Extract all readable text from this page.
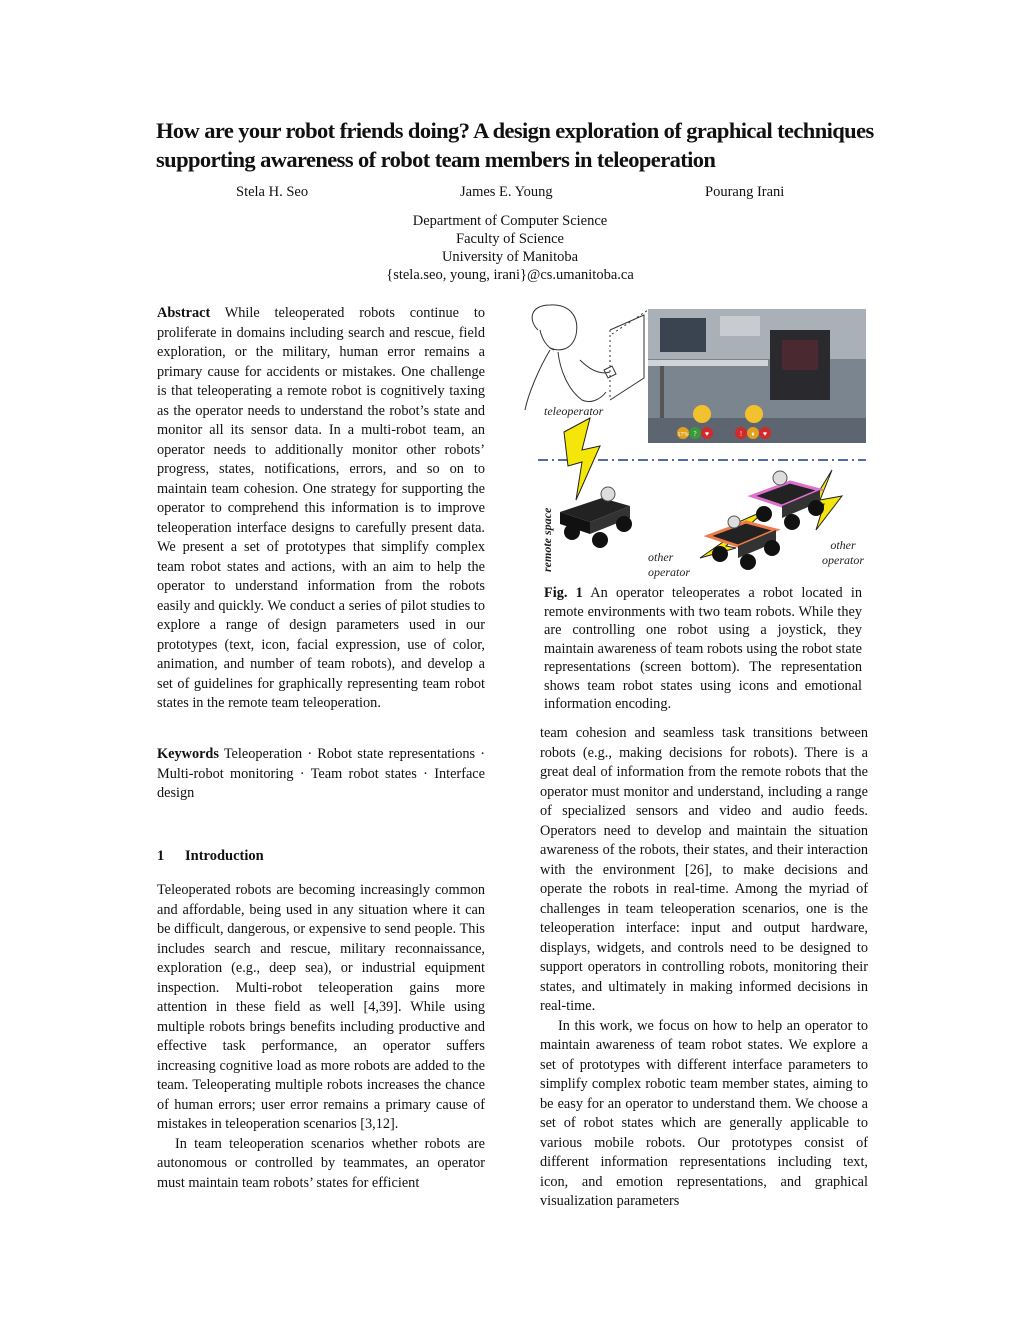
How are your robot friends doing? A design exploration of graphical techniques supporting awareness of robot team members in teleoperation
Stela H. Seo	James E. Young	Pourang Irani
Department of Computer Science
Faculty of Science
University of Manitoba
{stela.seo, young, irani}@cs.umanitoba.ca

Abstract While teleoperated robots continue to proliferate in domains including search and rescue, field exploration, or the military, human error remains a primary cause for accidents or mistakes. One challenge is that teleoperating a remote robot is cognitively taxing as the operator needs to understand the robot’s state and monitor all its sensor data. In a multi-robot team, an operator needs to additionally monitor other robots’ progress, states, notifications, errors, and so on to maintain team cohesion. One strategy for supporting the operator to comprehend this information is to improve teleoperation interface designs to carefully present data. We present a set of prototypes that simplify complex team robot states and actions, with an aim to help the operator to understand information from the robots easily and quickly. We conduct a series of pilot studies to explore a range of design parameters used in our prototypes (text, icon, facial expression, use of color, animation, and number of team robots), and develop a set of guidelines for graphically representing team robot states in the remote team teleoperation.

Keywords Teleoperation · Robot state representations · Multi-robot monitoring · Team robot states · Interface design

1 Introduction

Teleoperated robots are becoming increasingly common and affordable, being used in any situation where it can be difficult, dangerous, or expensive to send people. This includes search and rescue, military reconnaissance, exploration (e.g., deep sea), or industrial equipment inspection. Multi-robot teleoperation gains more attention in these field as well [4,39]. While using multiple robots brings benefits including productive and effective task performance, an operator suffers increasing cognitive load as more robots are added to the team. Teleoperating multiple robots increases the chance of human errors; user error remains a primary cause of mistakes in teleoperation scenarios [3,12].

In team teleoperation scenarios whether robots are autonomous or controlled by teammates, an operator must maintain team robots’ states for efficient

teleoperator
17% ? ♥	! ⏸ ♥
remote space	other operator
other operator
Fig. 1 An operator teleoperates a robot located in remote environments with two team robots. While they are controlling one robot using a joystick, they maintain awareness of team robots using the robot state representations (screen bottom). The representation shows team robot states using icons and emotional information encoding.

team cohesion and seamless task transitions between robots (e.g., making decisions for robots). There is a great deal of information from the remote robots that the operator must monitor and understand, including a range of specialized sensors and video and audio feeds. Operators need to develop and maintain the situation awareness of the robots, their states, and their interaction with the environment [26], to make decisions and operate the robots in real-time. Among the myriad of challenges in team teleoperation scenarios, one is the teleoperation interface: input and output hardware, displays, widgets, and controls need to be designed to support operators in controlling robots, monitoring their states, and ultimately in making informed decisions in real-time.

In this work, we focus on how to help an operator to maintain awareness of team robot states. We explore a set of prototypes with different interface parameters to simplify complex robotic team member states, aiming to be easy for an operator to understand them. We choose a set of robot states which are generally applicable to various mobile robots. Our prototypes consist of different information representations including text, icon, and emotion representations, and graphical visualization parameters
